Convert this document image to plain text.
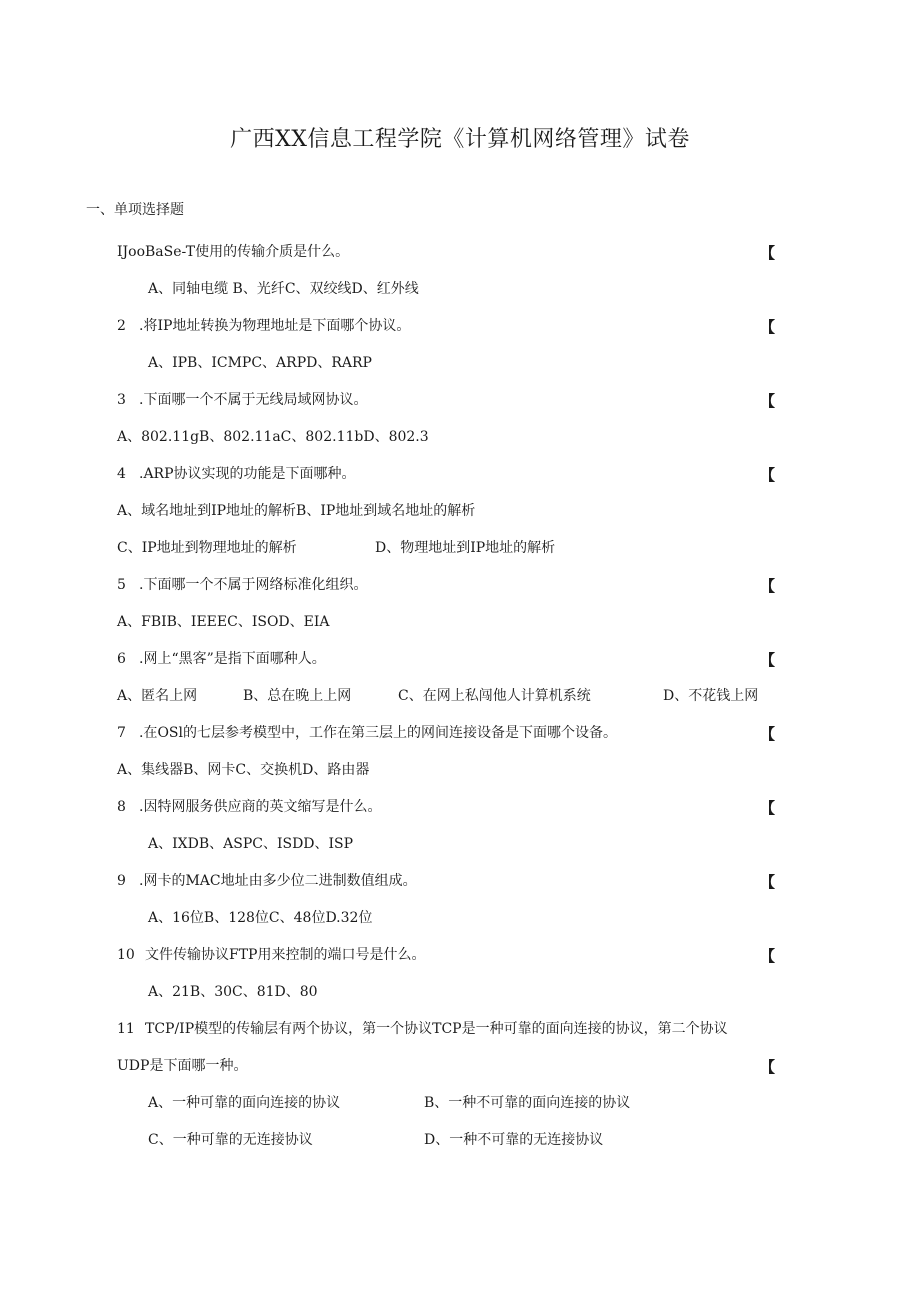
广西XX信息工程学院《计算机网络管理》试卷
一、单项选择题
IJooBaSe-T使用的传输介质是什么。	【
A、同轴电缆 B、光纤C、双绞线D、红外线
2 .将IP地址转换为物理地址是下面哪个协议。	【
A、IPB、ICMPC、ARPD、RARP
3 .下面哪一个不属于无线局域网协议。	【
A、802.11gB、802.11aC、802.11bD、802.3
4 .ARP协议实现的功能是下面哪种。	【
A、域名地址到IP地址的解析B、IP地址到域名地址的解析
C、IP地址到物理地址的解析	D、物理地址到IP地址的解析
5 .下面哪一个不属于网络标准化组织。	【
A、FBIB、IEEEC、ISOD、EIA
6 .网上“黑客”是指下面哪种人。	【
A、匿名上网	B、总在晚上上网	C、在网上私闯他人计算机系统	D、不花钱上网
7 .在OSl的七层参考模型中，工作在第三层上的网间连接设备是下面哪个设备。	【
A、集线器B、网卡C、交换机D、路由器
8 .因特网服务供应商的英文缩写是什么。	【
A、IXDB、ASPC、ISDD、ISP
9 .网卡的MAC地址由多少位二进制数值组成。	【
A、16位B、128位C、48位D.32位
10 文件传输协议FTP用来控制的端口号是什么。	【
A、21B、30C、81D、80
11 TCP/IP模型的传输层有两个协议，第一个协议TCP是一种可靠的面向连接的协议，第二个协议
UDP是下面哪一种。	【
A、一种可靠的面向连接的协议	B、一种不可靠的面向连接的协议
C、一种可靠的无连接协议	D、一种不可靠的无连接协议
